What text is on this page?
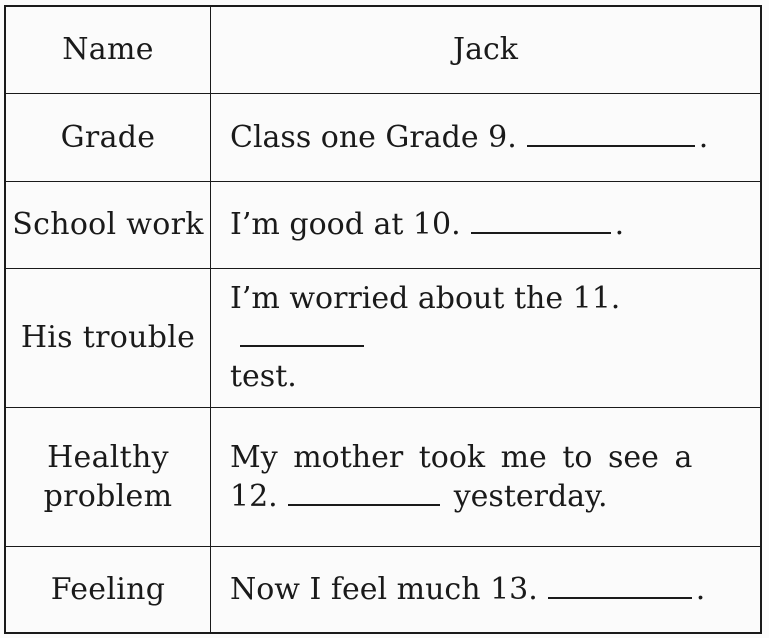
Name	Jack
Grade	Class one Grade 9. .
School work	I’m good at 10. .
His trouble	I’m worried about the 11.
test.

Healthy
problem	My mother took me to see a
12. yesterday.

Feeling	Now I feel much 13. .
